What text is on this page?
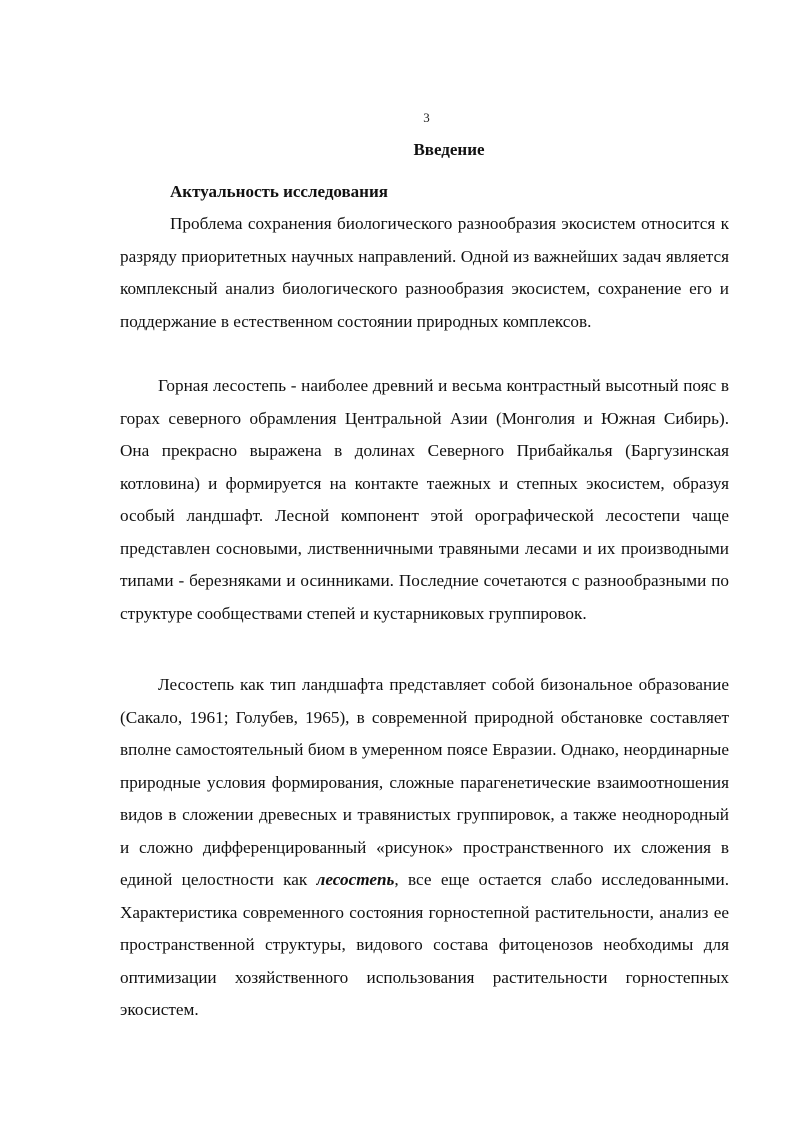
3
Введение
Актуальность исследования

Проблема сохранения биологического разнообразия экосистем относится к разряду приоритетных научных направлений. Одной из важнейших задач является комплексный анализ биологического разнообразия экосистем, сохранение его и поддержание в естественном состоянии природных комплексов.

Горная лесостепь - наиболее древний и весьма контрастный высотный пояс в горах северного обрамления Центральной Азии (Монголия и Южная Сибирь). Она прекрасно выражена в долинах Северного Прибайкалья (Баргузинская котловина) и формируется на контакте таежных и степных экосистем, образуя особый ландшафт. Лесной компонент этой орографической лесостепи чаще представлен сосновыми, лиственничными травяными лесами и их производными типами - березняками и осинниками. Последние сочетаются с разнообразными по структуре сообществами степей и кустарниковых группировок.

Лесостепь как тип ландшафта представляет собой бизональное образование (Сакало, 1961; Голубев, 1965), в современной природной обстановке составляет вполне самостоятельный биом в умеренном поясе Евразии. Однако, неординарные природные условия формирования, сложные парагенетические взаимоотношения видов в сложении древесных и травянистых группировок, а также неоднородный и сложно дифференцированный «рисунок» пространственного их сложения в единой целостности как лесостепь, все еще остается слабо исследованными. Характеристика современного состояния горностепной растительности, анализ ее пространственной структуры, видового состава фитоценозов необходимы для оптимизации хозяйственного использования растительности горностепных экосистем.
